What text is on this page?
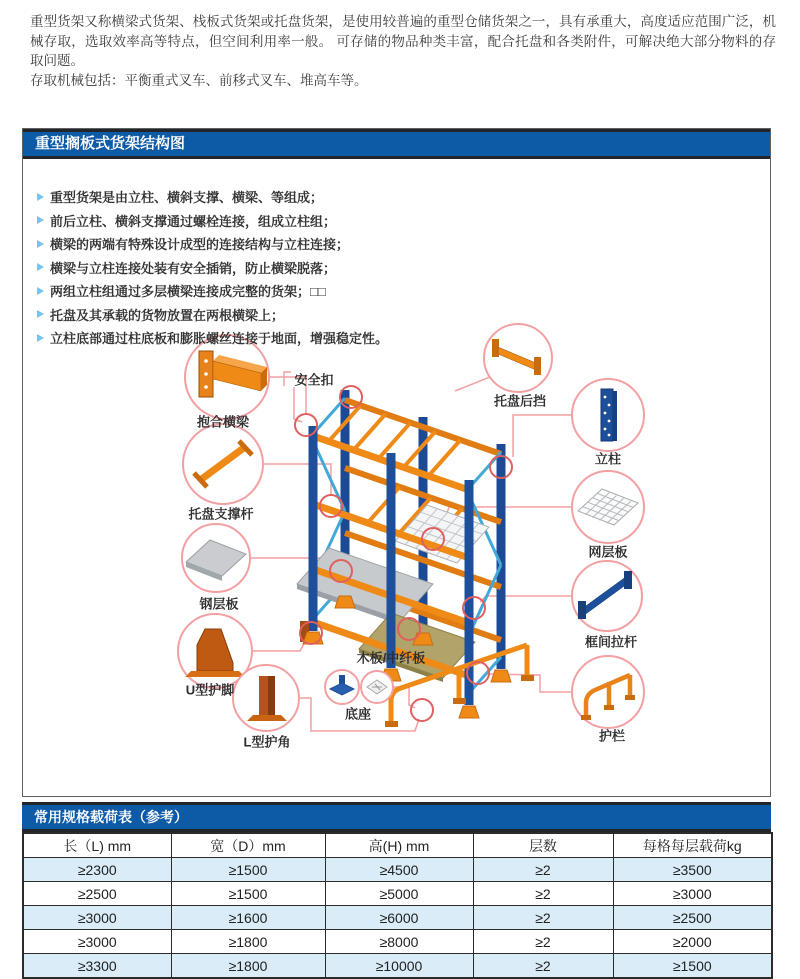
重型货架又称横梁式货架、栈板式货架或托盘货架，是使用较普遍的重型仓储货架之一，具有承重大，高度适应范围广泛，机械存取，选取效率高等特点，但空间利用率一般。 可存储的物品种类丰富，配合托盘和各类附件，可解决绝大部分物料的存取问题。

存取机械包括：平衡重式叉车、前移式叉车、堆高车等。

重型搁板式货架结构图
重型货架是由立柱、横斜支撑、横梁、等组成；
前后立柱、横斜支撑通过螺栓连接，组成立柱组；
横梁的两端有特殊设计成型的连接结构与立柱连接；
横梁与立柱连接处装有安全插销，防止横梁脱落；
两组立柱组通过多层横梁连接成完整的货架；□□
托盘及其承载的货物放置在两根横梁上；
立柱底部通过柱底板和膨胀螺丝连接于地面，增强稳定性。
抱合横梁
托盘支撑杆
钢层板
U型护脚
L型护角
安全扣
木板/中纤板
底座
托盘后挡
立柱
网层板
框间拉杆
护栏
常用规格载荷表（参考）
长（L) mm	宽（D）mm	高(H) mm	层数	每格每层载荷kg
≥2300	≥1500	≥4500	≥2	≥3500
≥2500	≥1500	≥5000	≥2	≥3000
≥3000	≥1600	≥6000	≥2	≥2500
≥3000	≥1800	≥8000	≥2	≥2000
≥3300	≥1800	≥10000	≥2	≥1500
